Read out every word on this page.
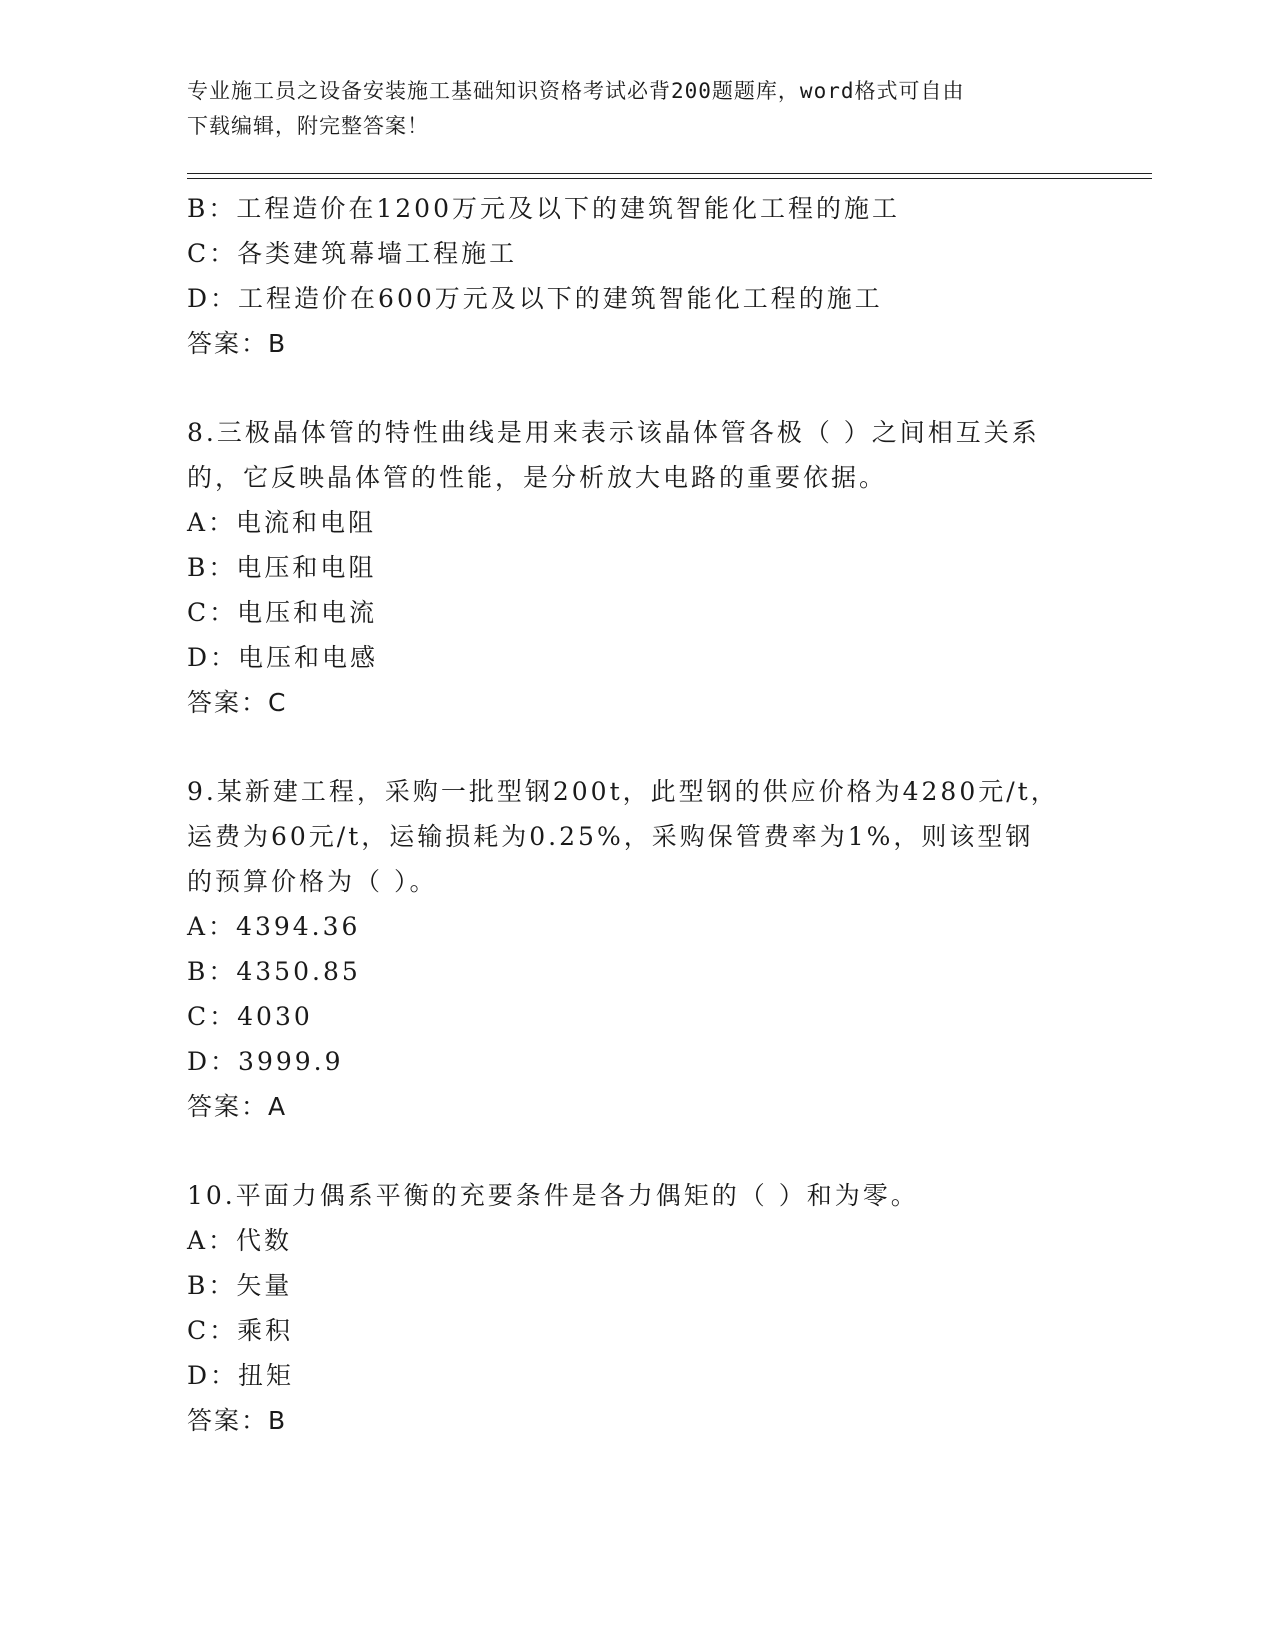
专业施工员之设备安装施工基础知识资格考试必背200题题库，word格式可自由
下载编辑，附完整答案！
B：工程造价在1200万元及以下的建筑智能化工程的施工
C：各类建筑幕墙工程施工
D：工程造价在600万元及以下的建筑智能化工程的施工
答案：B
8.三极晶体管的特性曲线是用来表示该晶体管各极（ ）之间相互关系
的，它反映晶体管的性能，是分析放大电路的重要依据。
A：电流和电阻
B：电压和电阻
C：电压和电流
D：电压和电感
答案：C
9.某新建工程，采购一批型钢200t，此型钢的供应价格为4280元/t，
运费为60元/t，运输损耗为0.25%，采购保管费率为1%，则该型钢
的预算价格为（ ）。
A：4394.36
B：4350.85
C：4030
D：3999.9
答案：A
10.平面力偶系平衡的充要条件是各力偶矩的（ ）和为零。
A：代数
B：矢量
C：乘积
D：扭矩
答案：B
